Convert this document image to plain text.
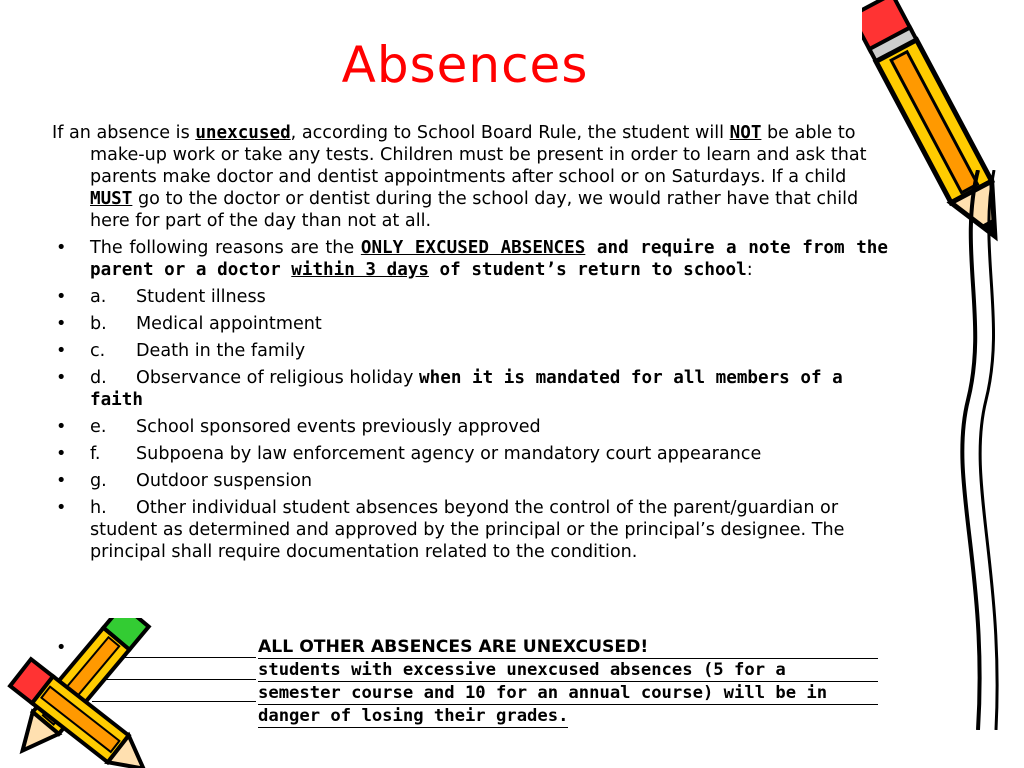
Absences
If an absence is unexcused, according to School Board Rule, the student will NOT be able to make-up work or take any tests. Children must be present in order to learn and ask that parents make doctor and dentist appointments after school or on Saturdays. If a child MUST go to the doctor or dentist during the school day, we would rather have that child here for part of the day than not at all.
• The following reasons are the ONLY EXCUSED ABSENCES and require a note from the parent or a doctor within 3 days of student’s return to school:
• a. Student illness
• b. Medical appointment
• c. Death in the family
• d. Observance of religious holiday when it is mandated for all members of a faith
• e. School sponsored events previously approved
• f. Subpoena by law enforcement agency or mandatory court appearance
• g. Outdoor suspension
• h. Other individual student absences beyond the control of the parent/guardian or student as determined and approved by the principal or the principal’s designee. The principal shall require documentation related to the condition.
•	ALL OTHER ABSENCES ARE UNEXCUSED!
students with excessive unexcused absences (5 for a
semester course and 10 for an annual course) will be in
danger of losing their grades.
